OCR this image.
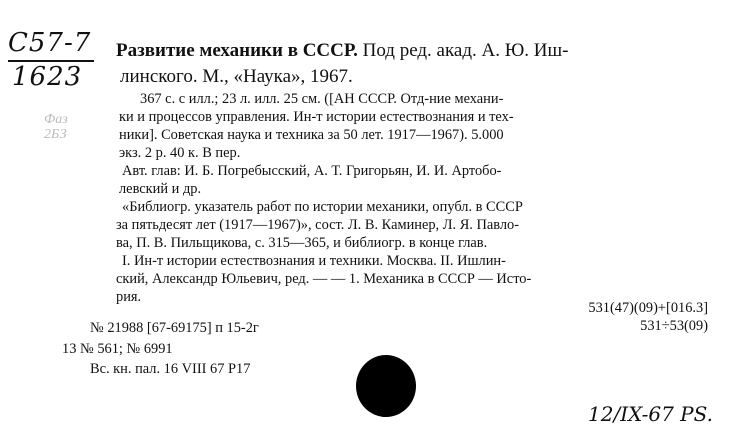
С57-7
1623
Фаз
2БЗ
Развитие механики в СССР. Под ред. акад. А. Ю. Иш-
линского. М., «Наука», 1967.
367 с. с илл.; 23 л. илл. 25 см. ([АН СССР. Отд-ние механи-
ки и процессов управления. Ин-т истории естествознания и тех-
ники]. Советская наука и техника за 50 лет. 1917—1967). 5.000
экз. 2 р. 40 к. В пер.
Авт. глав: И. Б. Погребысский, А. Т. Григорьян, И. И. Артобо-
левский и др.
«Библиогр. указатель работ по истории механики, опубл. в СССР
за пятьдесят лет (1917—1967)», сост. Л. В. Каминер, Л. Я. Павло-
ва, П. В. Пильщикова, с. 315—365, и библиогр. в конце глав.
I. Ин-т истории естествознания и техники. Москва. II. Ишлин-
ский, Александр Юльевич, ред. — — 1. Механика в СССР — Исто-
рия.
531(47)(09)+[016.3]
531÷53(09)
№ 21988 [67-69175] п 15-2г
13 № 561; № 6991
Вс. кн. пал. 16 VIII 67 Р17
12/IX-67 PS.
